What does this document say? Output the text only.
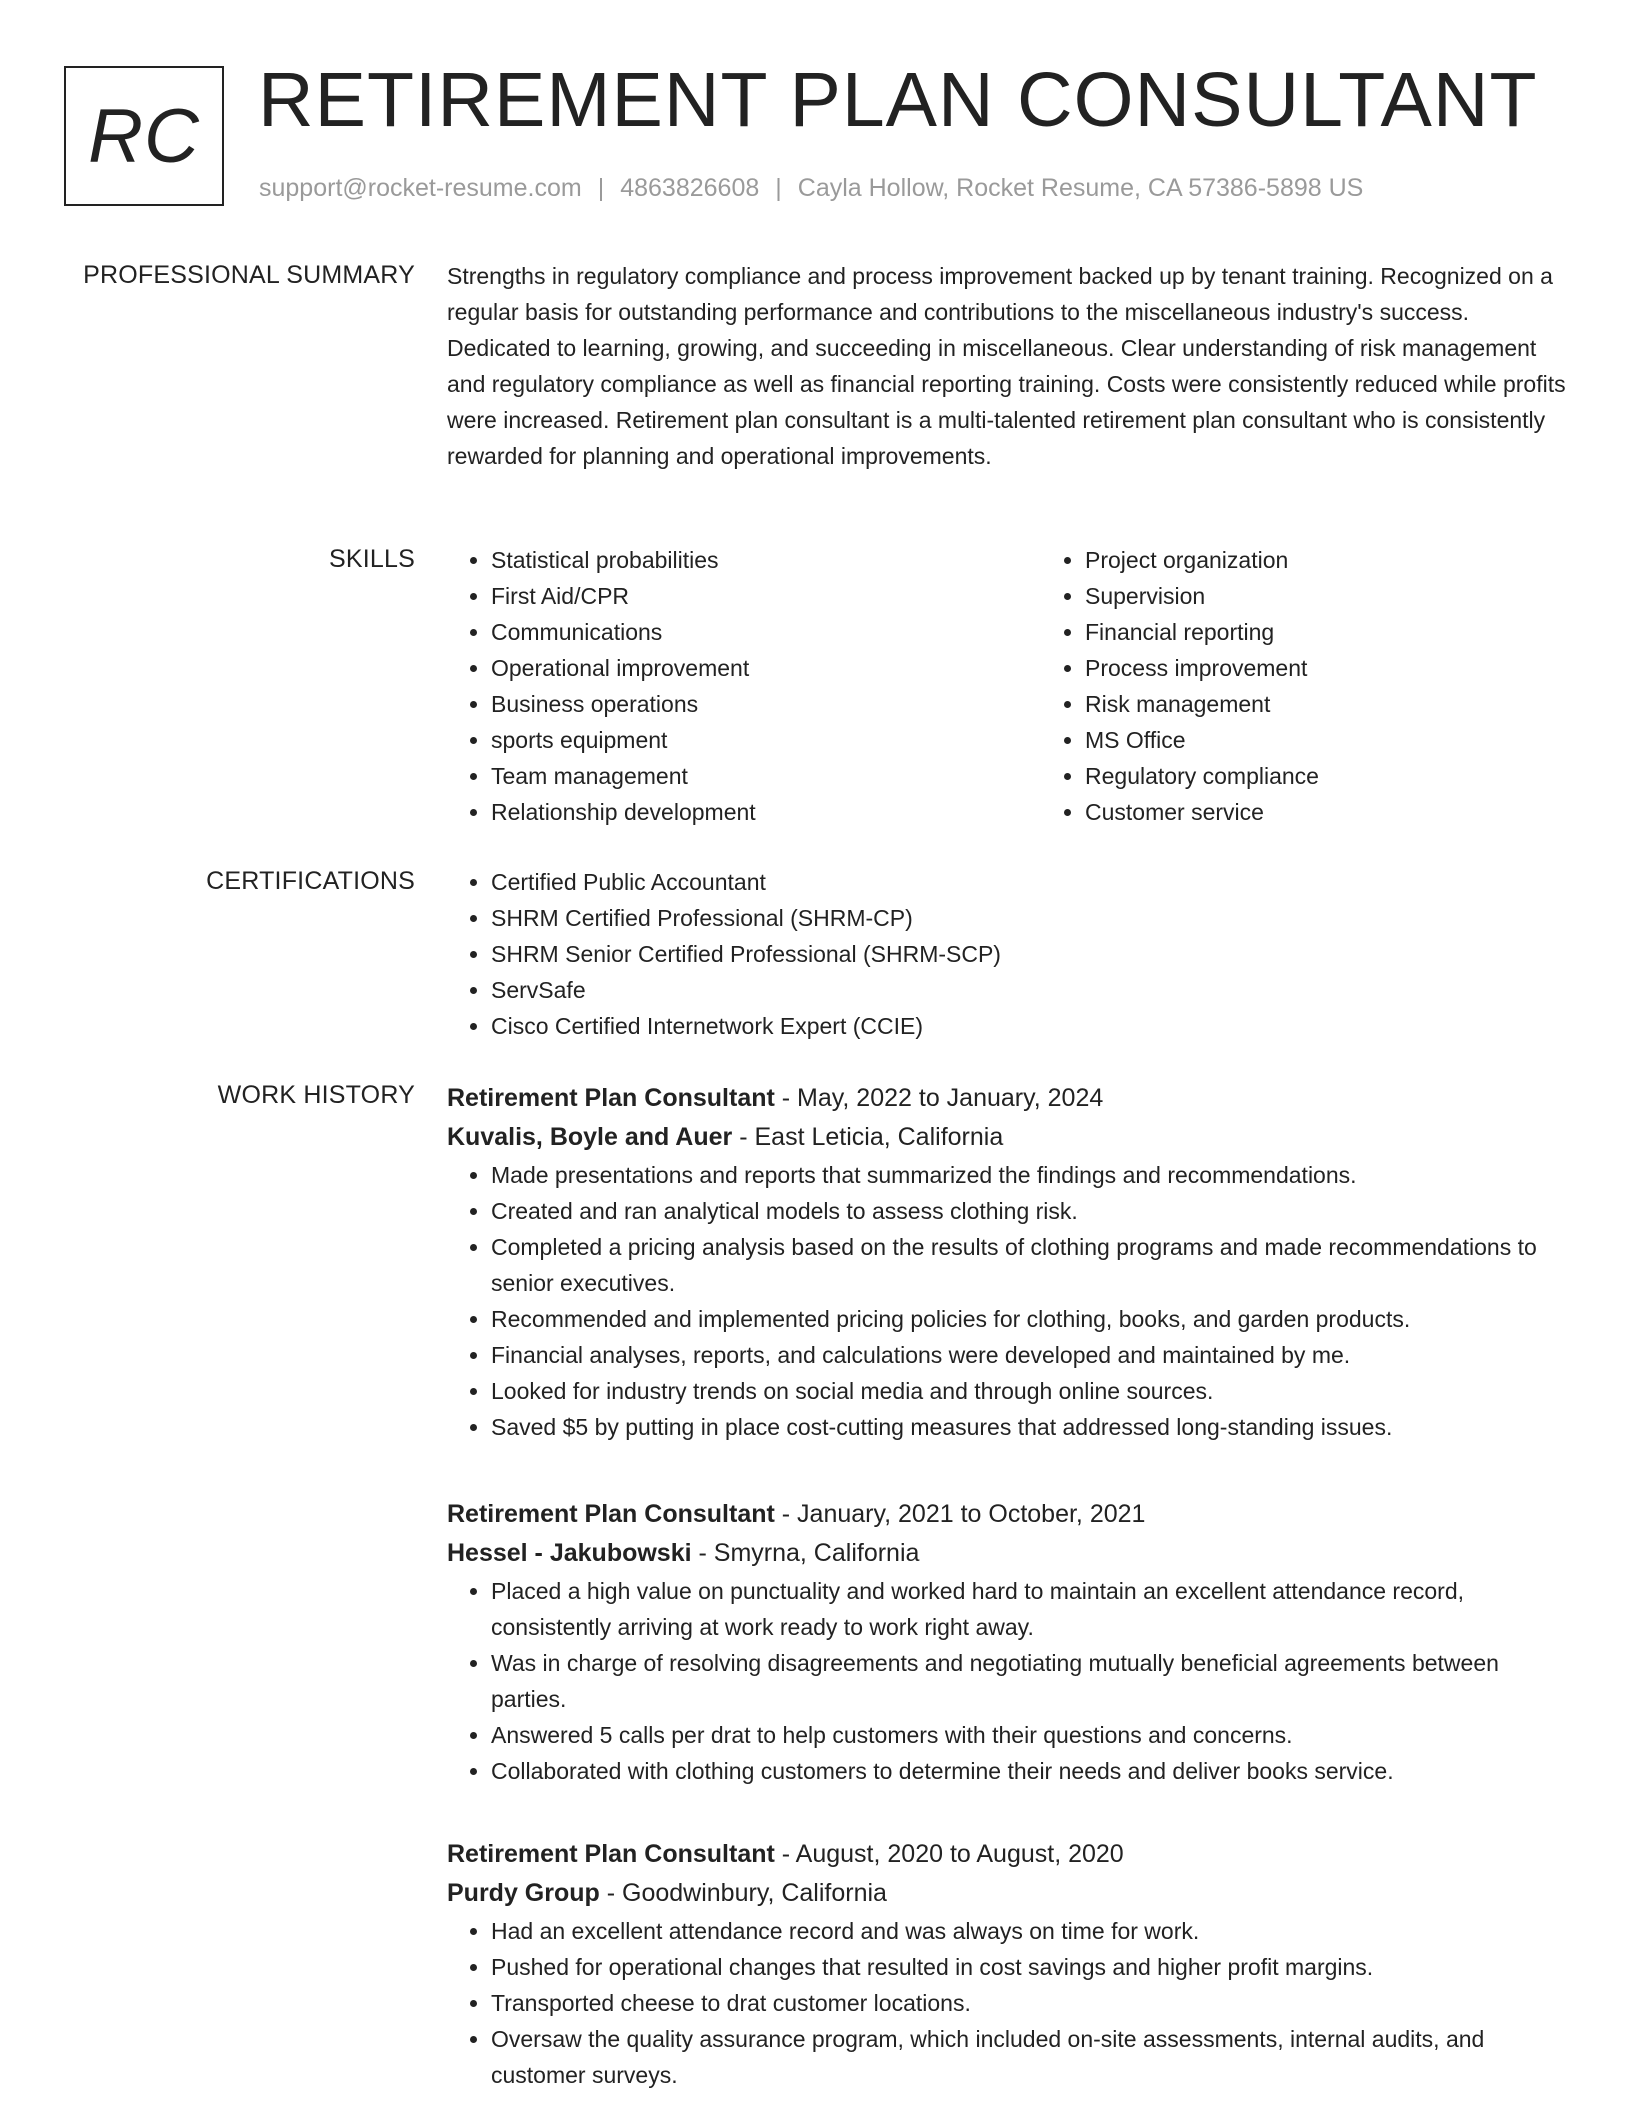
RC RETIREMENT PLAN CONSULTANT
support@rocket-resume.com | 4863826608 | Cayla Hollow, Rocket Resume, CA 57386-5898 US
PROFESSIONAL SUMMARY Strengths in regulatory compliance and process improvement backed up by tenant training. Recognized on a regular basis for outstanding performance and contributions to the miscellaneous industry's success. Dedicated to learning, growing, and succeeding in miscellaneous. Clear understanding of risk management and regulatory compliance as well as financial reporting training. Costs were consistently reduced while profits were increased. Retirement plan consultant is a multi-talented retirement plan consultant who is consistently rewarded for planning and operational improvements.

SKILLS	• Statistical probabilities
• First Aid/CPR
• Communications
• Operational improvement
• Business operations
• sports equipment
• Team management
• Relationship development
• Project organization
• Supervision
• Financial reporting
• Process improvement
• Risk management
• MS Office
• Regulatory compliance
• Customer service
CERTIFICATIONS	• Certified Public Accountant
• SHRM Certified Professional (SHRM-CP)
• SHRM Senior Certified Professional (SHRM-SCP)
• ServSafe
• Cisco Certified Internetwork Expert (CCIE)
WORK HISTORY Retirement Plan Consultant - May, 2022 to January, 2024
Kuvalis, Boyle and Auer - East Leticia, California
• Made presentations and reports that summarized the findings and recommendations.
• Created and ran analytical models to assess clothing risk.
• Completed a pricing analysis based on the results of clothing programs and made recommendations to senior executives.
• Recommended and implemented pricing policies for clothing, books, and garden products.
• Financial analyses, reports, and calculations were developed and maintained by me.
• Looked for industry trends on social media and through online sources.
• Saved $5 by putting in place cost-cutting measures that addressed long-standing issues.
Retirement Plan Consultant - January, 2021 to October, 2021
Hessel - Jakubowski - Smyrna, California
• Placed a high value on punctuality and worked hard to maintain an excellent attendance record, consistently arriving at work ready to work right away.
• Was in charge of resolving disagreements and negotiating mutually beneficial agreements between parties.
• Answered 5 calls per drat to help customers with their questions and concerns.
• Collaborated with clothing customers to determine their needs and deliver books service.
Retirement Plan Consultant - August, 2020 to August, 2020
Purdy Group - Goodwinbury, California
• Had an excellent attendance record and was always on time for work.
• Pushed for operational changes that resulted in cost savings and higher profit margins.
• Transported cheese to drat customer locations.
• Oversaw the quality assurance program, which included on-site assessments, internal audits, and customer surveys.
